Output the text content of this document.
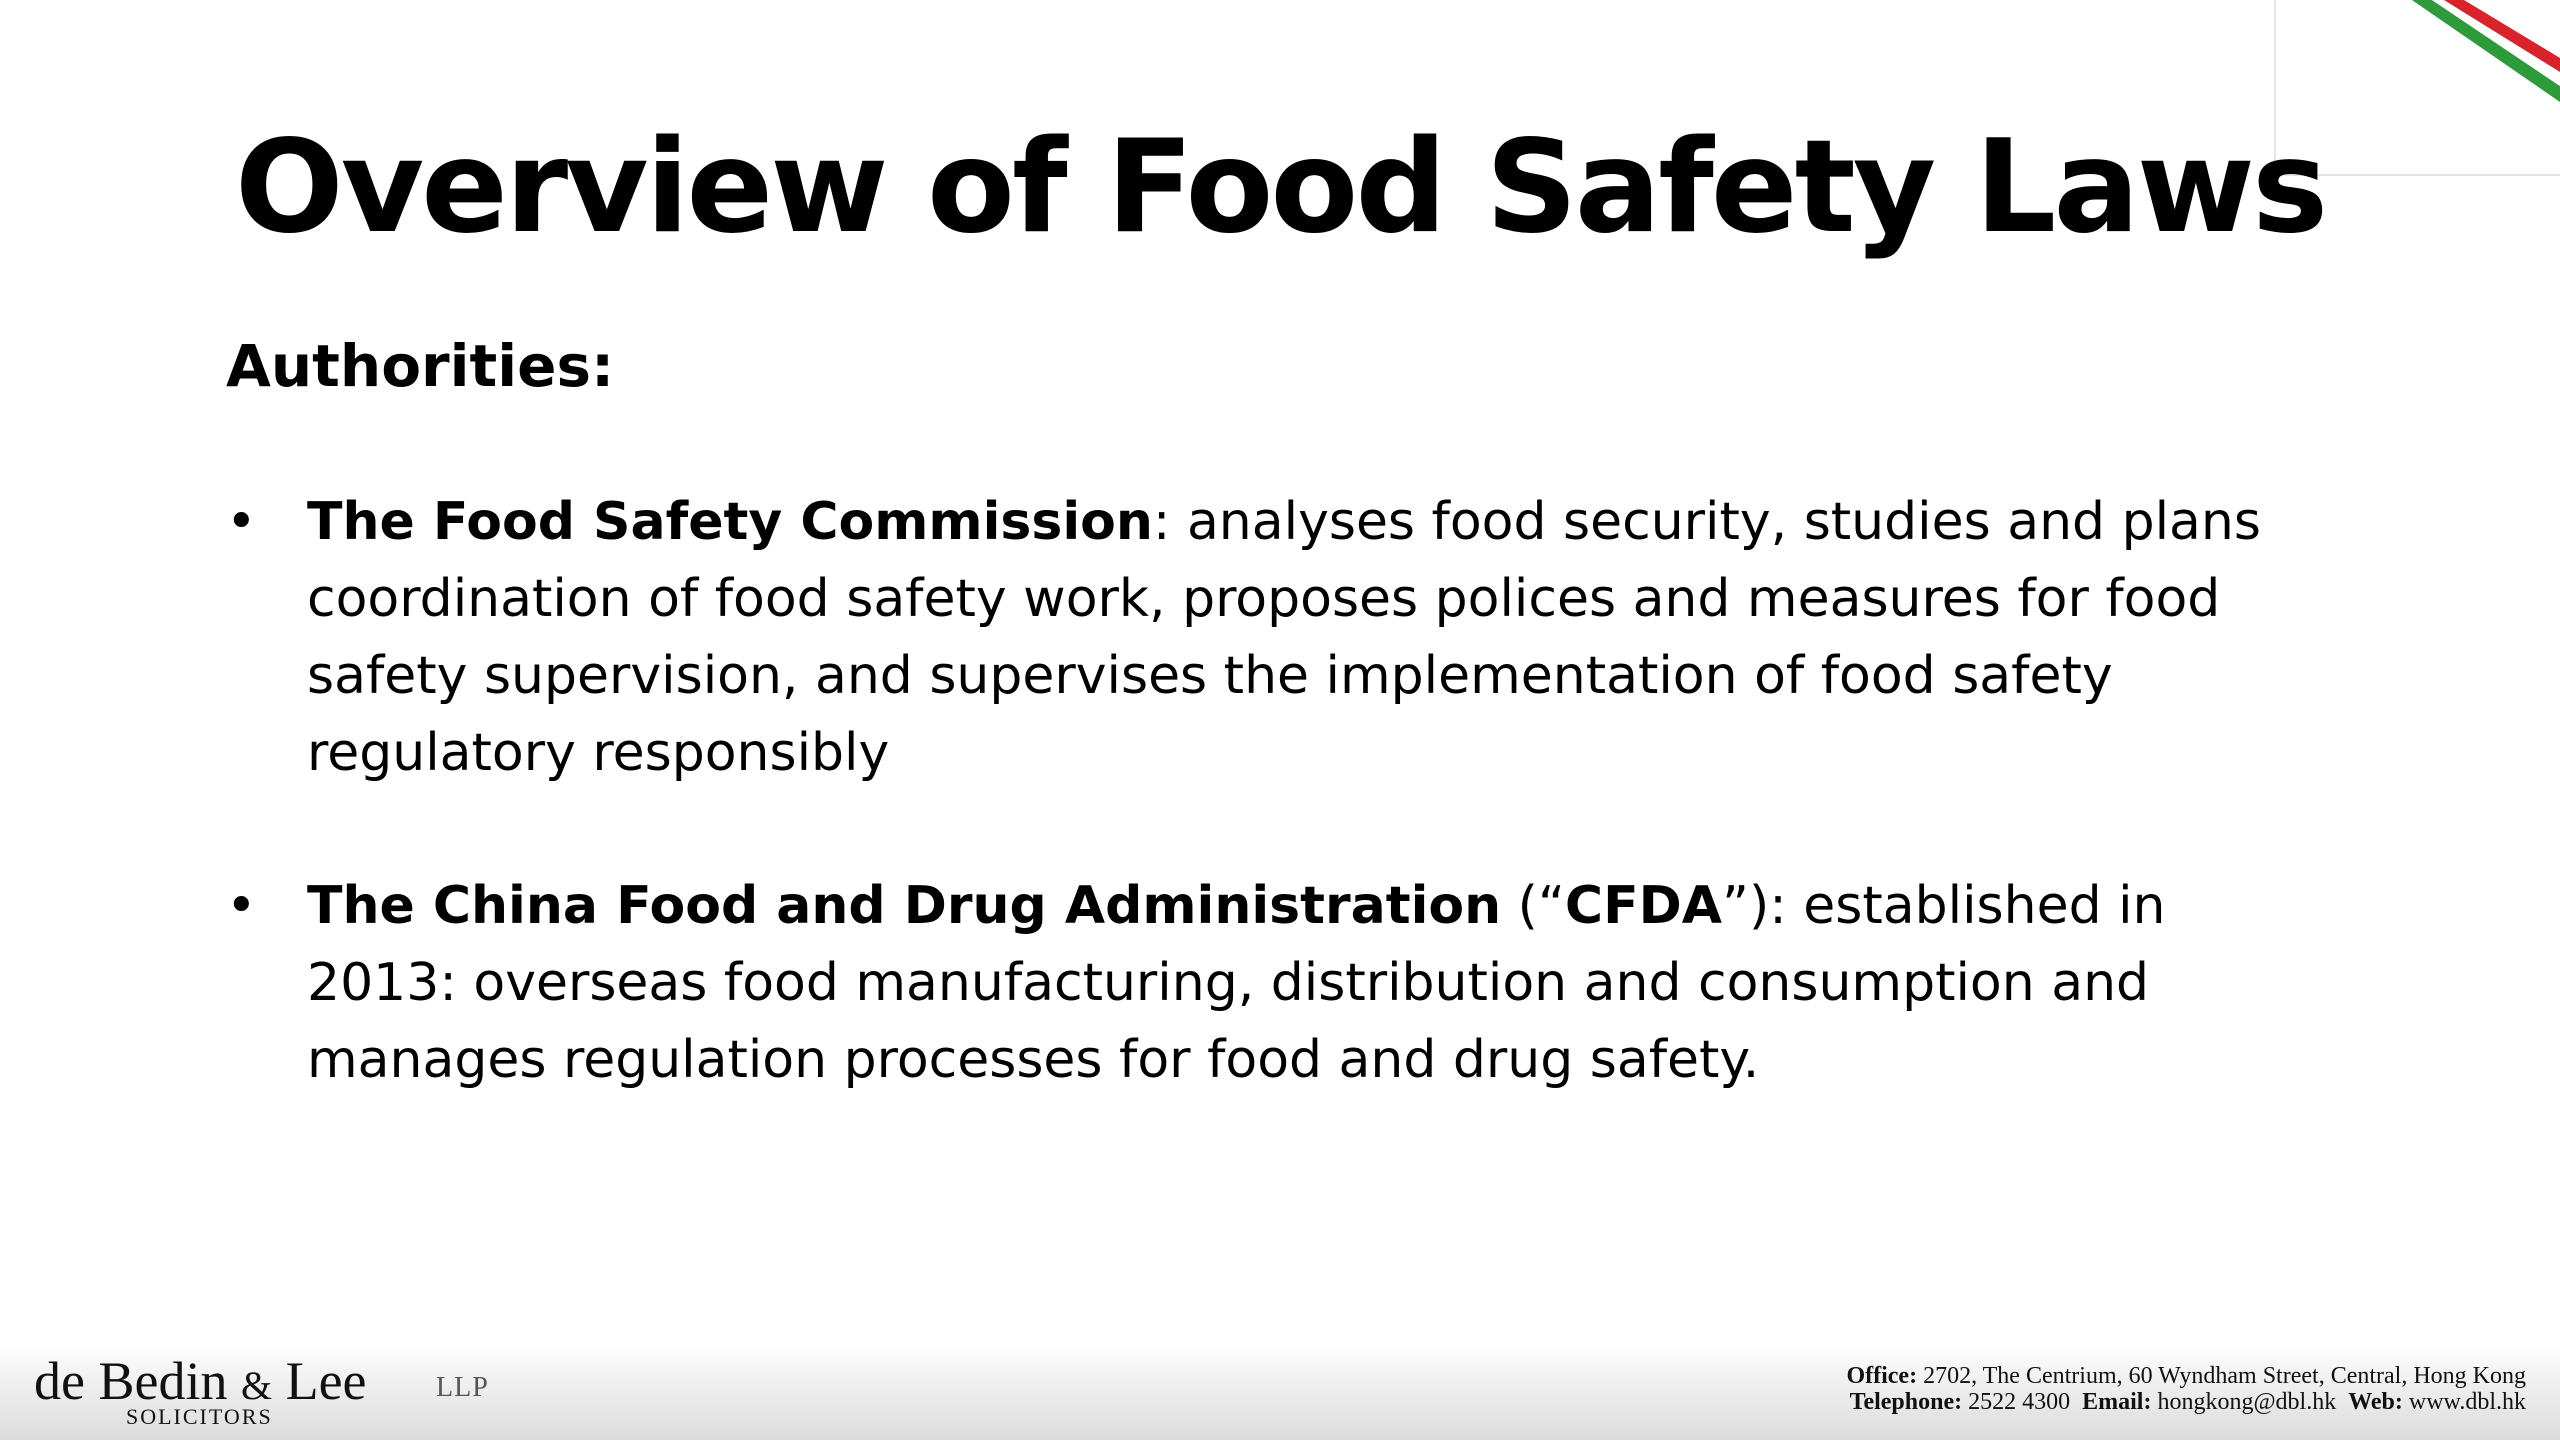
Overview of Food Safety Laws
Authorities:
• The Food Safety Commission: analyses food security, studies and plans coordination of food safety work, proposes polices and measures for food safety supervision, and supervises the implementation of food safety regulatory responsibly
• The China Food and Drug Administration (“CFDA”): established in 2013: overseas food manufacturing, distribution and consumption and manages regulation processes for food and drug safety.
de Bedin & Lee LLP
SOLICITORS
Office: 2702, The Centrium, 60 Wyndham Street, Central, Hong Kong
Telephone: 2522 4300 Email: hongkong@dbl.hk Web: www.dbl.hk
